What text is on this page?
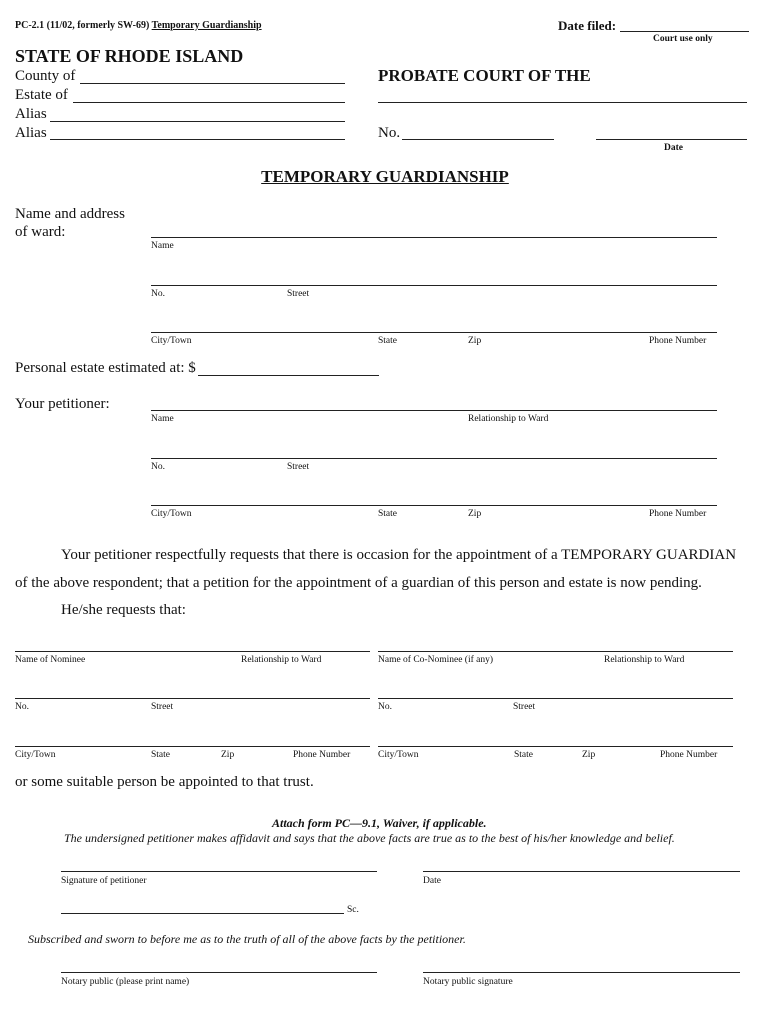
PC-2.1 (11/02, formerly SW-69) Temporary Guardianship	Date filed:
Court use only
STATE OF RHODE ISLAND
County of
Estate of
Alias
Alias
PROBATE COURT OF THE
No.
Date
TEMPORARY GUARDIANSHIP
Name and address
of ward:
Name
No.	Street
City/Town	State	Zip	Phone Number
Personal estate estimated at: $
Your petitioner:
Name	Relationship to Ward
No.	Street
City/Town	State	Zip	Phone Number
Your petitioner respectfully requests that there is occasion for the appointment of a TEMPORARY GUARDIAN
of the above respondent; that a petition for the appointment of a guardian of this person and estate is now pending.
He/she requests that:
Name of Nominee	Relationship to Ward
No.	Street
City/Town	State	Zip	Phone Number
Name of Co-Nominee (if any)	Relationship to Ward
No.	Street
City/Town	State	Zip	Phone Number
or some suitable person be appointed to that trust.
Attach form PC—9.1, Waiver, if applicable.
The undersigned petitioner makes affidavit and says that the above facts are true as to the best of his/her knowledge and belief.
Signature of petitioner	Date
Sc.
Subscribed and sworn to before me as to the truth of all of the above facts by the petitioner.
Notary public (please print name)	Notary public signature
